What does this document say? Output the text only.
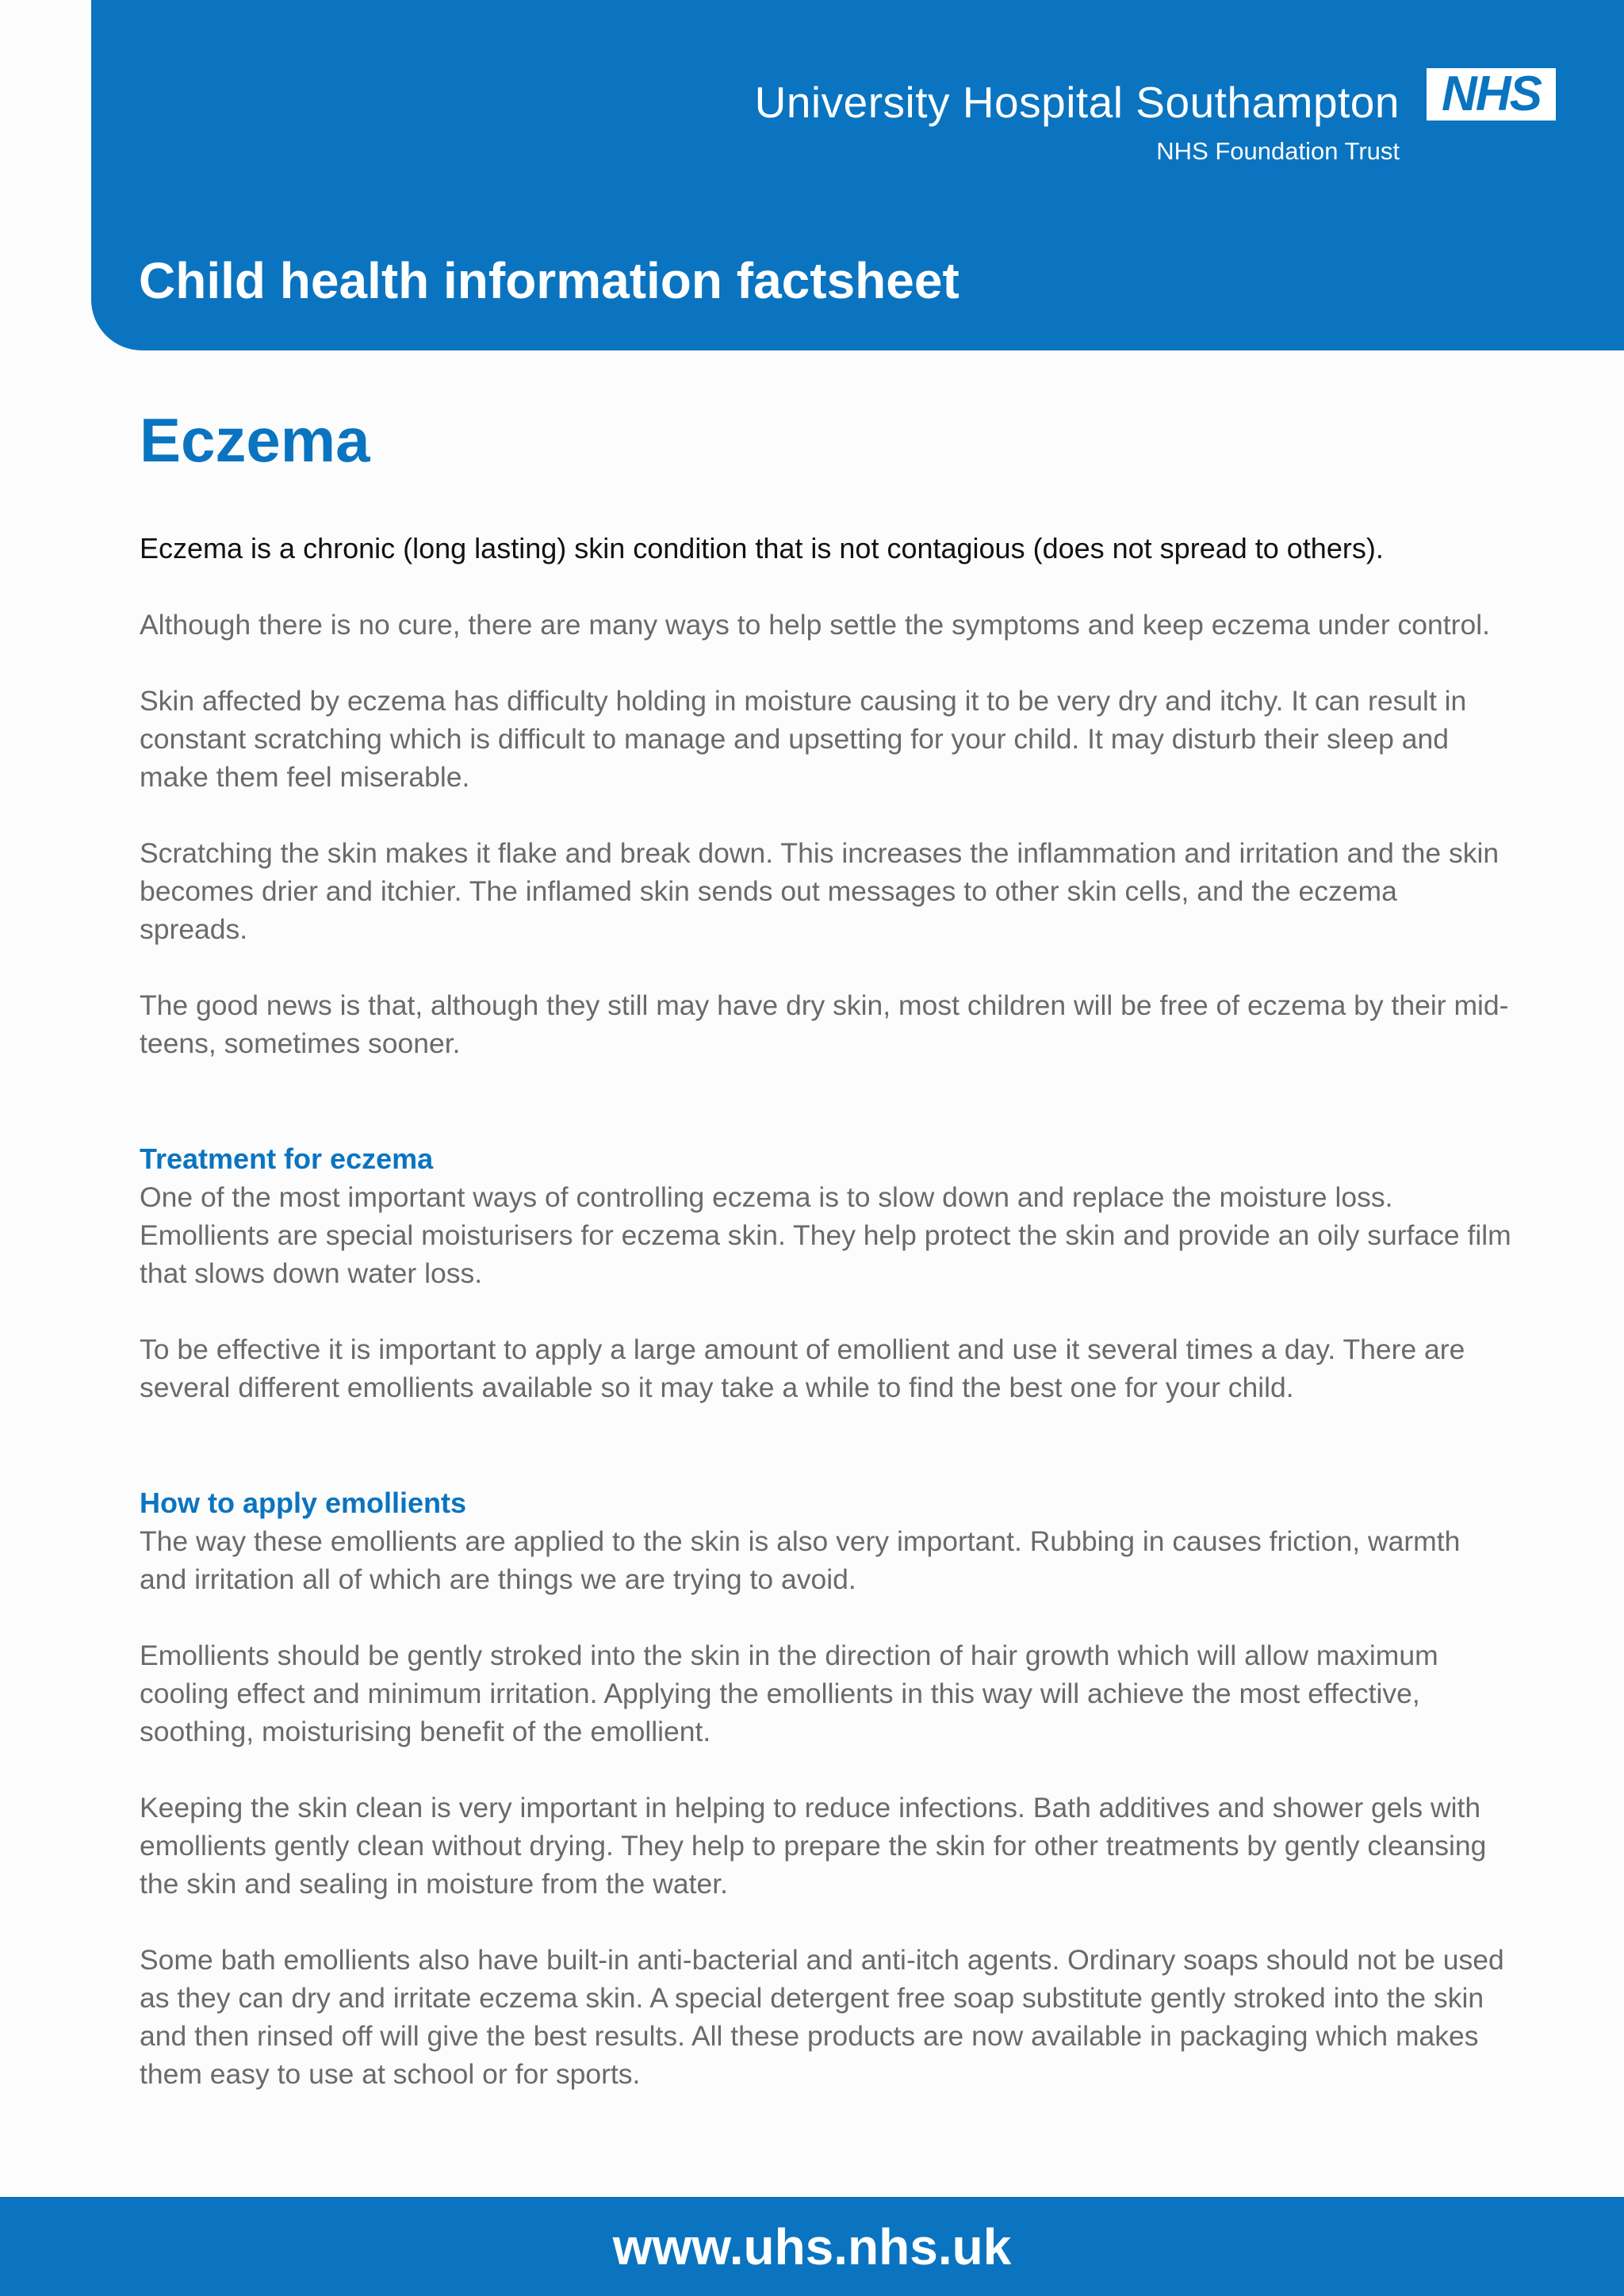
University Hospital Southampton
NHS Foundation Trust
NHS
Child health information factsheet
Eczema
Eczema is a chronic (long lasting) skin condition that is not contagious (does not spread to others).

Although there is no cure, there are many ways to help settle the symptoms and keep eczema under control.

Skin affected by eczema has difficulty holding in moisture causing it to be very dry and itchy. It can result in constant scratching which is difficult to manage and upsetting for your child. It may disturb their sleep and make them feel miserable.

Scratching the skin makes it flake and break down. This increases the inflammation and irritation and the skin becomes drier and itchier. The inflamed skin sends out messages to other skin cells, and the eczema spreads.

The good news is that, although they still may have dry skin, most children will be free of eczema by their mid-teens, sometimes sooner.

Treatment for eczema

One of the most important ways of controlling eczema is to slow down and replace the moisture loss. Emollients are special moisturisers for eczema skin. They help protect the skin and provide an oily surface film that slows down water loss.

To be effective it is important to apply a large amount of emollient and use it several times a day. There are several different emollients available so it may take a while to find the best one for your child.

How to apply emollients

The way these emollients are applied to the skin is also very important. Rubbing in causes friction, warmth and irritation all of which are things we are trying to avoid.

Emollients should be gently stroked into the skin in the direction of hair growth which will allow maximum cooling effect and minimum irritation. Applying the emollients in this way will achieve the most effective, soothing, moisturising benefit of the emollient.

Keeping the skin clean is very important in helping to reduce infections. Bath additives and shower gels with emollients gently clean without drying. They help to prepare the skin for other treatments by gently cleansing the skin and sealing in moisture from the water.

Some bath emollients also have built-in anti-bacterial and anti-itch agents. Ordinary soaps should not be used as they can dry and irritate eczema skin. A special detergent free soap substitute gently stroked into the skin and then rinsed off will give the best results. All these products are now available in packaging which makes them easy to use at school or for sports.

www.uhs.nhs.uk
